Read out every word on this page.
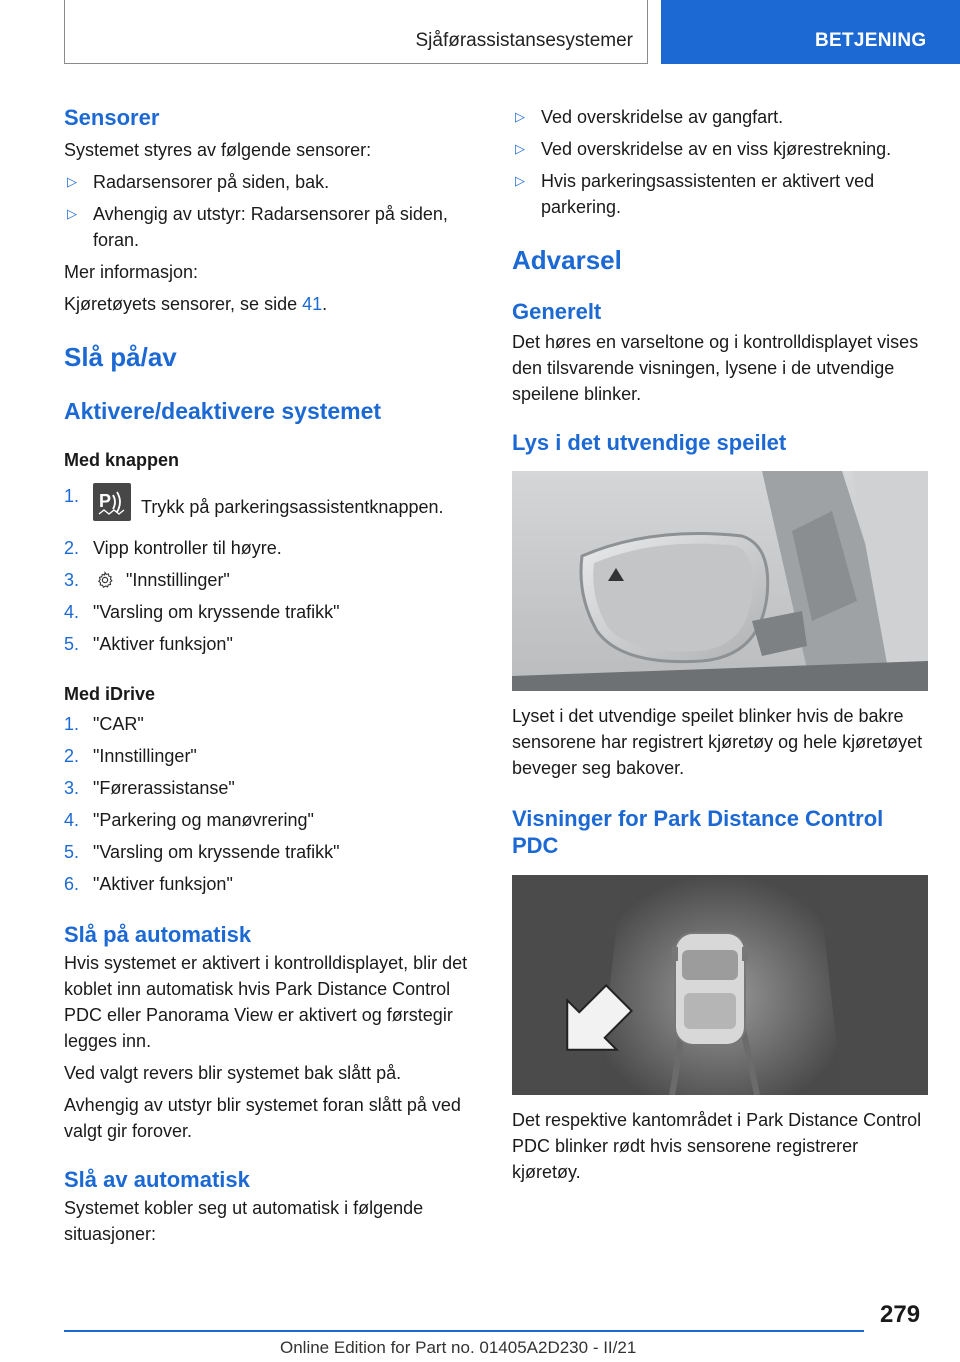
Sjåførassistansesystemer	BETJENING
Sensorer
Systemet styres av følgende sensorer:
▷ Radarsensorer på siden, bak.
▷ Avhengig av utstyr: Radarsensorer på siden, foran.
Mer informasjon:
Kjøretøyets sensorer, se side 41.
Slå på/av
Aktivere/deaktivere systemet
Med knappen
1. P Trykk på parkeringsassistentknappen.
2. Vipp kontroller til høyre.
3.	"Innstillinger"
4. "Varsling om kryssende trafikk"
5. "Aktiver funksjon"
Med iDrive
1. "CAR"
2. "Innstillinger"
3. "Førerassistanse"
4. "Parkering og manøvrering"
5. "Varsling om kryssende trafikk"
6. "Aktiver funksjon"
Slå på automatisk
Hvis systemet er aktivert i kontrolldisplayet, blir det koblet inn automatisk hvis Park Distance Control PDC eller Panorama View er aktivert og førstegir legges inn.
Ved valgt revers blir systemet bak slått på.
Avhengig av utstyr blir systemet foran slått på ved valgt gir forover.
Slå av automatisk
Systemet kobler seg ut automatisk i følgende situasjoner:
▷ Ved overskridelse av gangfart.
▷ Ved overskridelse av en viss kjørestrekning.
▷ Hvis parkeringsassistenten er aktivert ved parkering.
Advarsel
Generelt
Det høres en varseltone og i kontrolldisplayet vises den tilsvarende visningen, lysene i de utvendige speilene blinker.
Lys i det utvendige speilet
Lyset i det utvendige speilet blinker hvis de bakre sensorene har registrert kjøretøy og hele kjøretøyet beveger seg bakover.
Visninger for Park Distance Control PDC
Det respektive kantområdet i Park Distance Control PDC blinker rødt hvis sensorene registrerer kjøretøy.
279
Online Edition for Part no. 01405A2D230 - II/21
